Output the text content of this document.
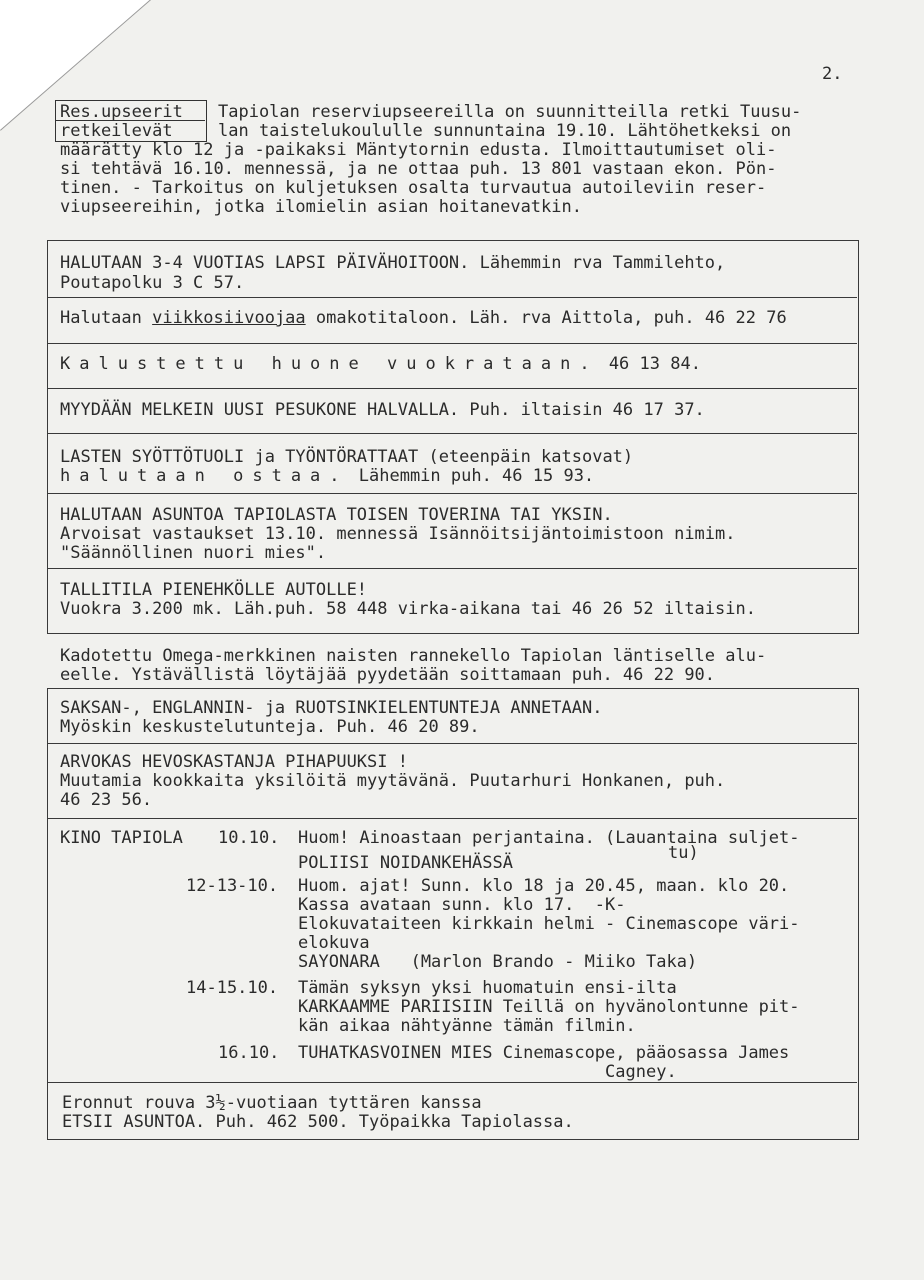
2.
Res.upseerit
retkeilevät
Tapiolan reserviupseereilla on suunnitteilla retki Tuusu-
lan taistelukoululle sunnuntaina 19.10. Lähtöhetkeksi on
määrätty klo 12 ja -paikaksi Mäntytornin edusta. Ilmoittautumiset oli-
si tehtävä 16.10. mennessä, ja ne ottaa puh. 13 801 vastaan ekon. Pön-
tinen. - Tarkoitus on kuljetuksen osalta turvautua autoileviin reser-
viupseereihin, jotka ilomielin asian hoitanevatkin.
HALUTAAN 3-4 VUOTIAS LAPSI PÄIVÄHOITOON. Lähemmin rva Tammilehto,
Poutapolku 3 C 57.
Halutaan viikkosiivoojaa omakotitaloon. Läh. rva Aittola, puh. 46 22 76
Kalustettu huone vuokrataan. 46 13 84.
MYYDÄÄN MELKEIN UUSI PESUKONE HALVALLA. Puh. iltaisin 46 17 37.
LASTEN SYÖTTÖTUOLI ja TYÖNTÖRATTAAT (eteenpäin katsovat)
halutaan ostaa. Lähemmin puh. 46 15 93.
HALUTAAN ASUNTOA TAPIOLASTA TOISEN TOVERINA TAI YKSIN.
Arvoisat vastaukset 13.10. mennessä Isännöitsijäntoimistoon nimim.
"Säännöllinen nuori mies".
TALLITILA PIENEHKÖLLE AUTOLLE!
Vuokra 3.200 mk. Läh.puh. 58 448 virka-aikana tai 46 26 52 iltaisin.
Kadotettu Omega-merkkinen naisten rannekello Tapiolan läntiselle alu-
eelle. Ystävällistä löytäjää pyydetään soittamaan puh. 46 22 90.
SAKSAN-, ENGLANNIN- ja RUOTSINKIELENTUNTEJA ANNETAAN.
Myöskin keskustelutunteja. Puh. 46 20 89.
ARVOKAS HEVOSKASTANJA PIHAPUUKSI !
Muutamia kookkaita yksilöitä myytävänä. Puutarhuri Honkanen, puh.
46 23 56.
KINO TAPIOLA 10.10. Huom! Ainoastaan perjantaina. (Lauantaina suljet-
POLIISI NOIDANKEHÄSSÄ	tu)
12-13-10. Huom. ajat! Sunn. klo 18 ja 20.45, maan. klo 20.
Kassa avataan sunn. klo 17.  -K-
Elokuvataiteen kirkkain helmi - Cinemascope väri-
elokuva
SAYONARA   (Marlon Brando - Miiko Taka)
14-15.10. Tämän syksyn yksi huomatuin ensi-ilta
KARKAAMME PARIISIIN Teillä on hyvänolontunne pit-
kän aikaa nähtyänne tämän filmin.
16.10. TUHATKASVOINEN MIES Cinemascope, pääosassa James
Cagney.
Eronnut rouva 3½-vuotiaan tyttären kanssa
ETSII ASUNTOA. Puh. 462 500. Työpaikka Tapiolassa.
